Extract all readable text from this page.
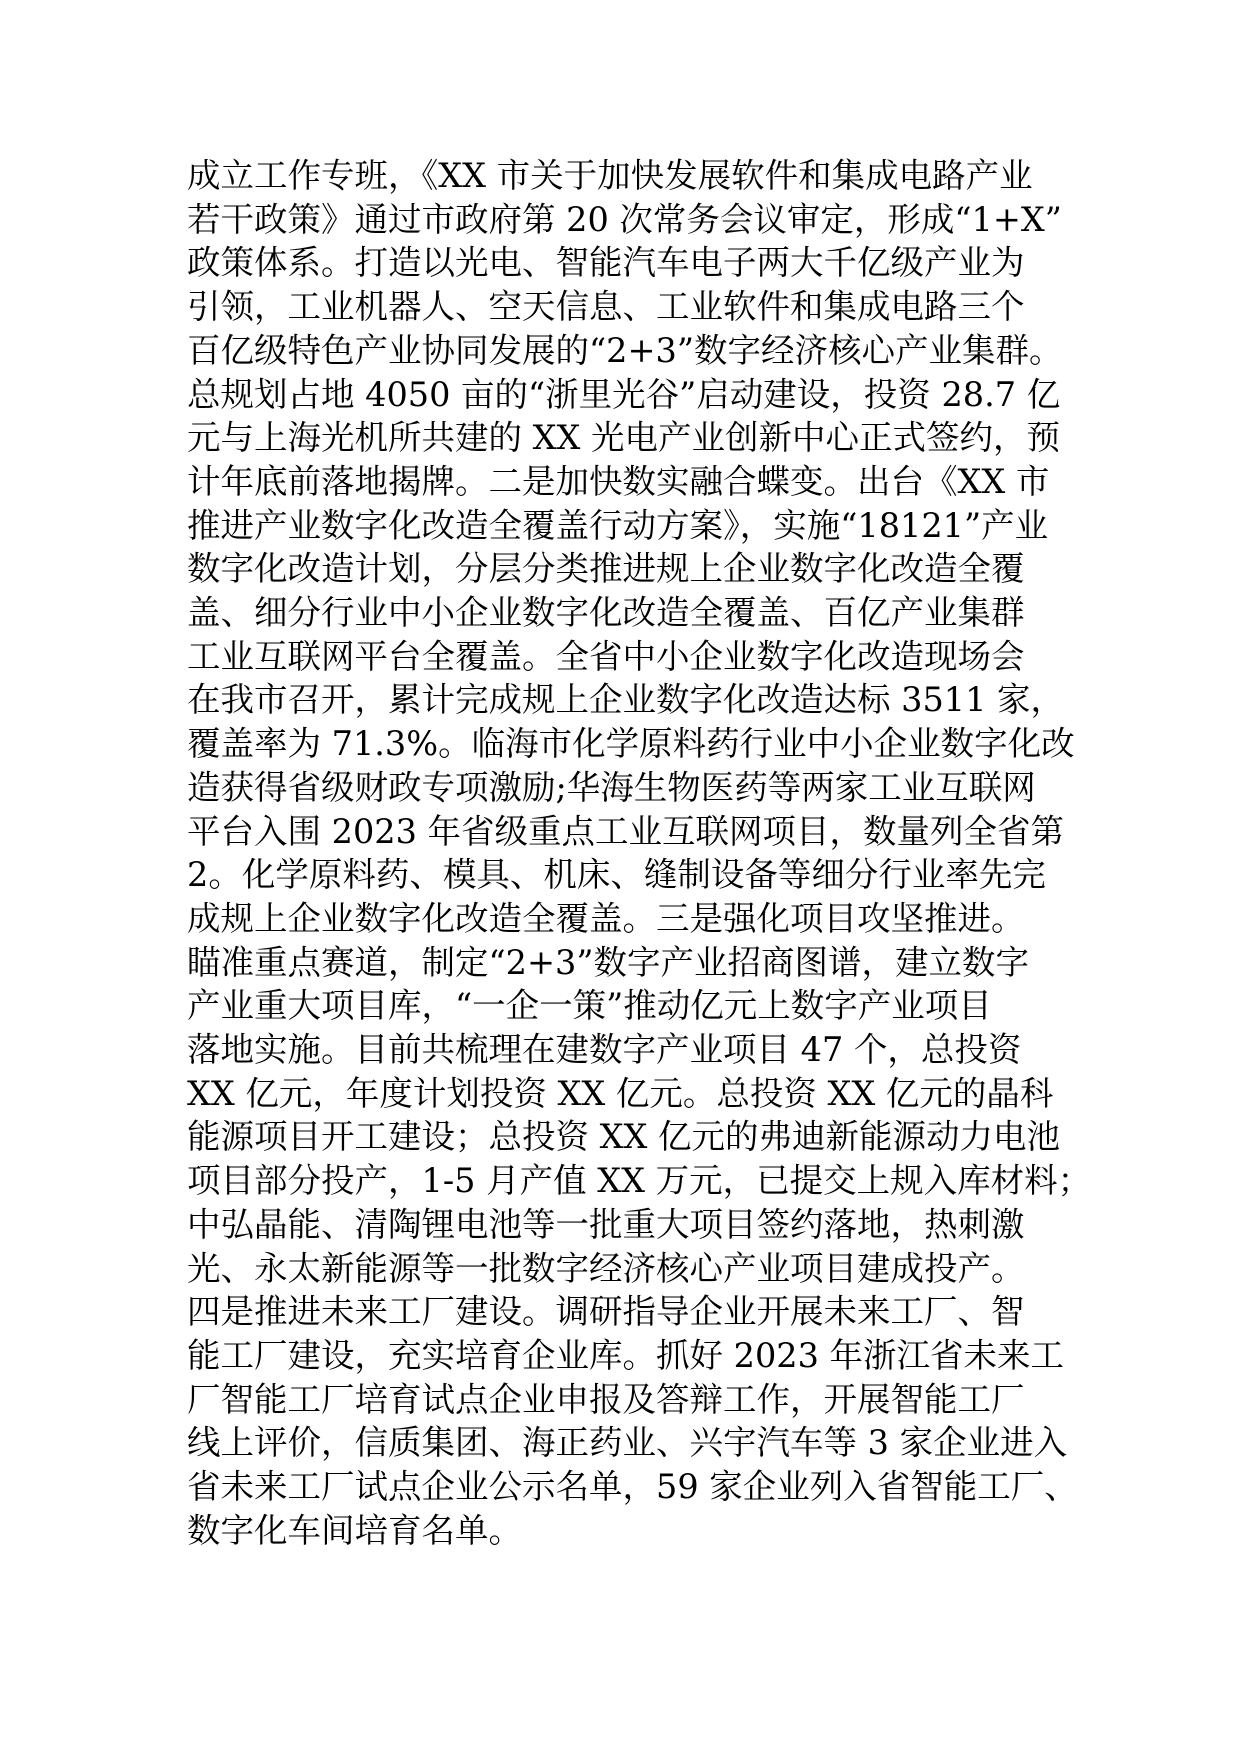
成立工作专班，《XX 市关于加快发展软件和集成电路产业
若干政策》通过市政府第 20 次常务会议审定，形成“1+X”
政策体系。打造以光电、智能汽车电子两大千亿级产业为
引领，工业机器人、空天信息、工业软件和集成电路三个
百亿级特色产业协同发展的“2+3”数字经济核心产业集群。
总规划占地 4050 亩的“浙里光谷”启动建设，投资 28.7 亿
元与上海光机所共建的 XX 光电产业创新中心正式签约，预
计年底前落地揭牌。二是加快数实融合蝶变。出台《XX 市
推进产业数字化改造全覆盖行动方案》，实施“18121”产业
数字化改造计划，分层分类推进规上企业数字化改造全覆
盖、细分行业中小企业数字化改造全覆盖、百亿产业集群
工业互联网平台全覆盖。全省中小企业数字化改造现场会
在我市召开，累计完成规上企业数字化改造达标 3511 家，
覆盖率为 71.3%。临海市化学原料药行业中小企业数字化改
造获得省级财政专项激励;华海生物医药等两家工业互联网
平台入围 2023 年省级重点工业互联网项目，数量列全省第
2。化学原料药、模具、机床、缝制设备等细分行业率先完
成规上企业数字化改造全覆盖。三是强化项目攻坚推进。
瞄准重点赛道，制定“2+3”数字产业招商图谱，建立数字
产业重大项目库，“一企一策”推动亿元上数字产业项目
落地实施。目前共梳理在建数字产业项目 47 个，总投资
XX 亿元，年度计划投资 XX 亿元。总投资 XX 亿元的晶科
能源项目开工建设；总投资 XX 亿元的弗迪新能源动力电池
项目部分投产，1-5 月产值 XX 万元，已提交上规入库材料；
中弘晶能、清陶锂电池等一批重大项目签约落地，热刺激
光、永太新能源等一批数字经济核心产业项目建成投产。
四是推进未来工厂建设。调研指导企业开展未来工厂、智
能工厂建设，充实培育企业库。抓好 2023 年浙江省未来工
厂智能工厂培育试点企业申报及答辩工作，开展智能工厂
线上评价，信质集团、海正药业、兴宇汽车等 3 家企业进入
省未来工厂试点企业公示名单，59 家企业列入省智能工厂、
数字化车间培育名单。
